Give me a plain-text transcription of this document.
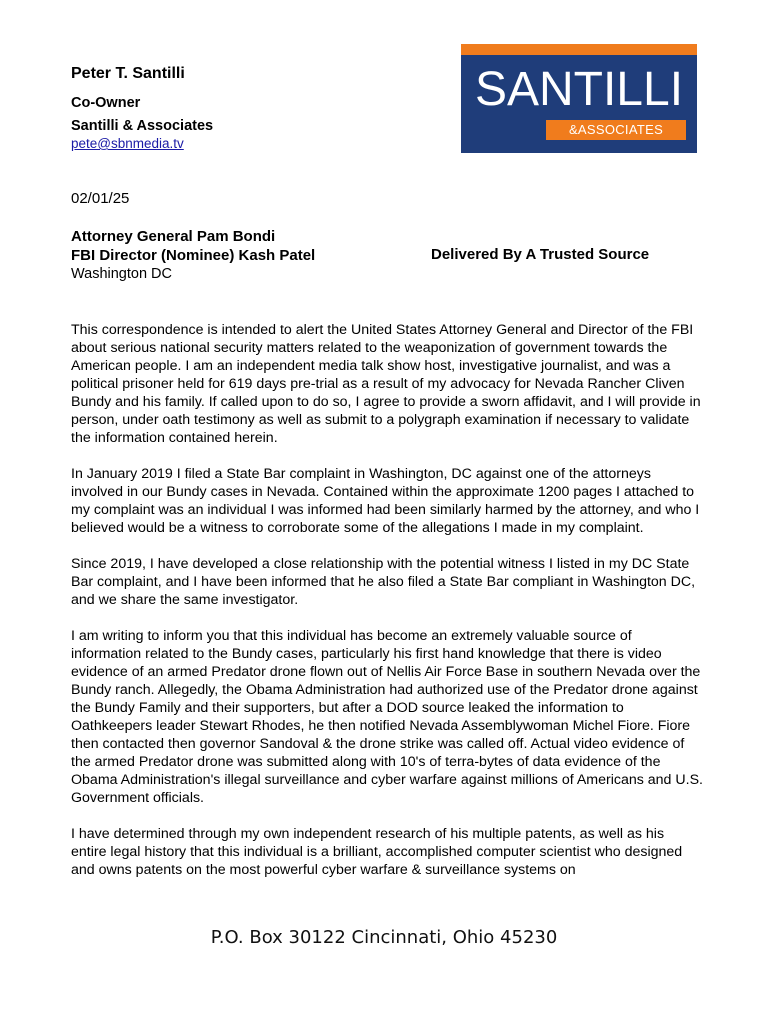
Peter T. Santilli
Co-Owner
Santilli & Associates
pete@sbnmedia.tv
SANTILLI
&ASSOCIATES
02/01/25
Attorney General Pam Bondi
FBI Director (Nominee) Kash Patel
Washington DC
Delivered By A Trusted Source

This correspondence is intended to alert the United States Attorney General and Director of the FBI about serious national security matters related to the weaponization of government towards the American people. I am an independent media talk show host, investigative journalist, and was a political prisoner held for 619 days pre-trial as a result of my advocacy for Nevada Rancher Cliven Bundy and his family. If called upon to do so, I agree to provide a sworn affidavit, and I will provide in person, under oath testimony as well as submit to a polygraph examination if necessary to validate the information contained herein.

In January 2019 I filed a State Bar complaint in Washington, DC against one of the attorneys involved in our Bundy cases in Nevada. Contained within the approximate 1200 pages I attached to my complaint was an individual I was informed had been similarly harmed by the attorney, and who I believed would be a witness to corroborate some of the allegations I made in my complaint.

Since 2019, I have developed a close relationship with the potential witness I listed in my DC State Bar complaint, and I have been informed that he also filed a State Bar compliant in Washington DC, and we share the same investigator.

I am writing to inform you that this individual has become an extremely valuable source of information related to the Bundy cases, particularly his first hand knowledge that there is video evidence of an armed Predator drone flown out of Nellis Air Force Base in southern Nevada over the Bundy ranch. Allegedly, the Obama Administration had authorized use of the Predator drone against the Bundy Family and their supporters, but after a DOD source leaked the information to Oathkeepers leader Stewart Rhodes, he then notified Nevada Assemblywoman Michel Fiore. Fiore then contacted then governor Sandoval & the drone strike was called off. Actual video evidence of the armed Predator drone was submitted along with 10's of terra-bytes of data evidence of the Obama Administration's illegal surveillance and cyber warfare against millions of Americans and U.S. Government officials.

I have determined through my own independent research of his multiple patents, as well as his entire legal history that this individual is a brilliant, accomplished computer scientist who designed and owns patents on the most powerful cyber warfare & surveillance systems on

P.O. Box 30122 Cincinnati, Ohio 45230
